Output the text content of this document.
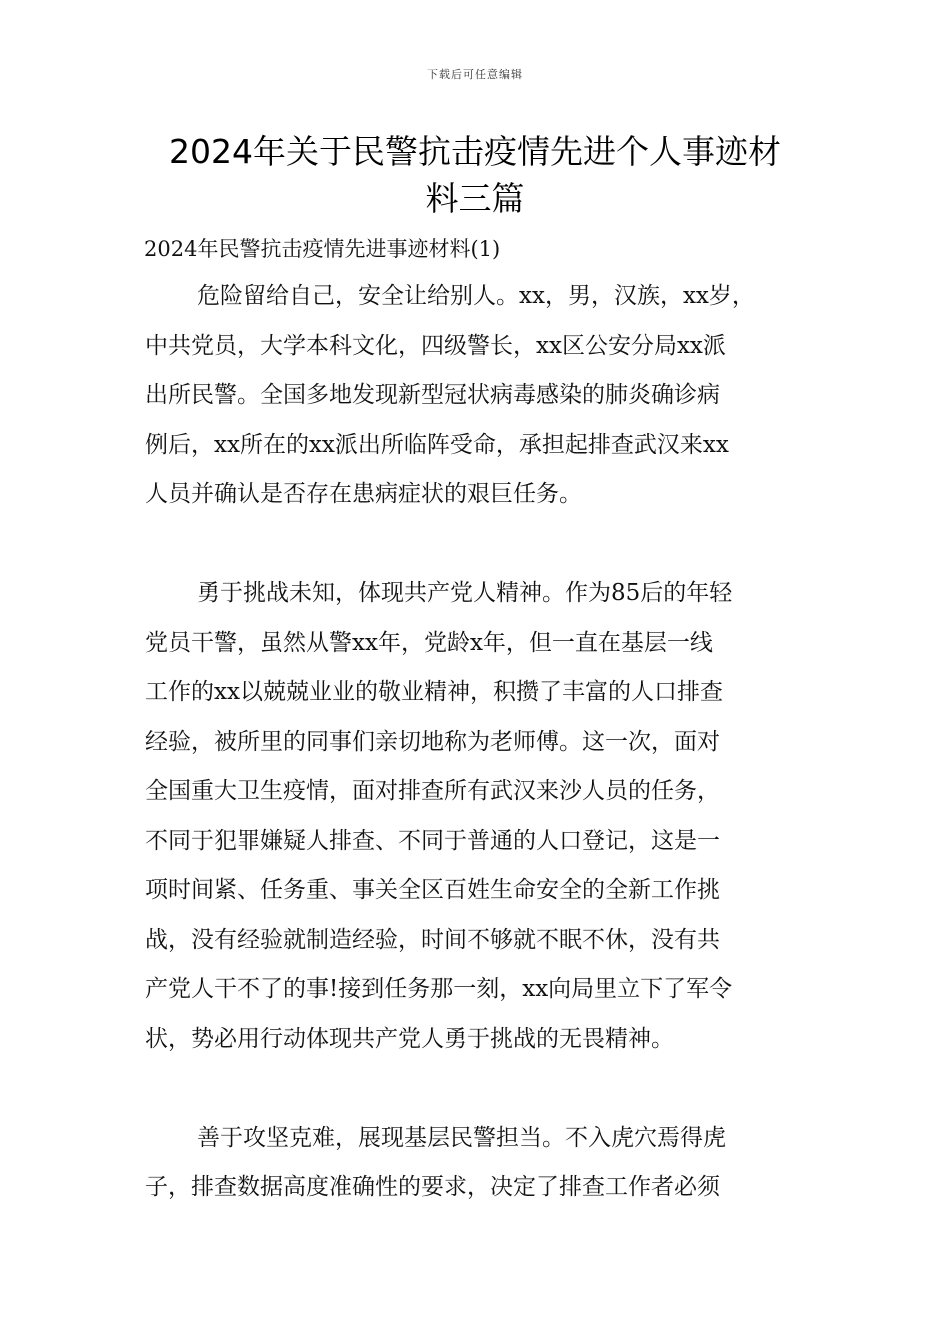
下载后可任意编辑
2024年关于民警抗击疫情先进个人事迹材
料三篇
2024年民警抗击疫情先进事迹材料(1)
危险留给自己，安全让给别人。xx，男，汉族，xx岁，
中共党员，大学本科文化，四级警长，xx区公安分局xx派
出所民警。全国多地发现新型冠状病毒感染的肺炎确诊病
例后，xx所在的xx派出所临阵受命，承担起排查武汉来xx
人员并确认是否存在患病症状的艰巨任务。
勇于挑战未知，体现共产党人精神。作为85后的年轻
党员干警，虽然从警xx年，党龄x年，但一直在基层一线
工作的xx以兢兢业业的敬业精神，积攒了丰富的人口排查
经验，被所里的同事们亲切地称为老师傅。这一次，面对
全国重大卫生疫情，面对排查所有武汉来沙人员的任务，
不同于犯罪嫌疑人排查、不同于普通的人口登记，这是一
项时间紧、任务重、事关全区百姓生命安全的全新工作挑
战，没有经验就制造经验，时间不够就不眠不休，没有共
产党人干不了的事!接到任务那一刻，xx向局里立下了军令
状，势必用行动体现共产党人勇于挑战的无畏精神。
善于攻坚克难，展现基层民警担当。不入虎穴焉得虎
子，排查数据高度准确性的要求，决定了排查工作者必须
